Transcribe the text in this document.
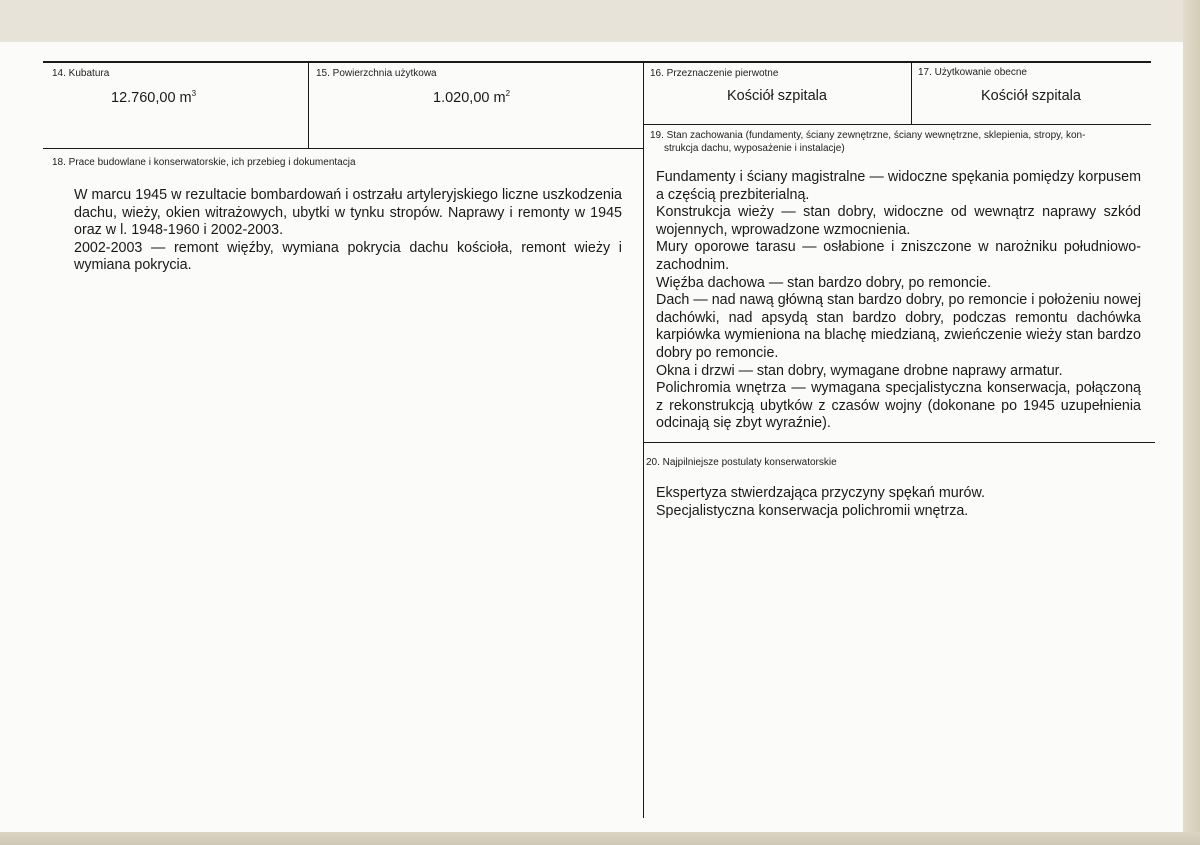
14. Kubatura
12.760,00 $m^3$
15. Powierzchnia użytkowa
1.020,00 $m^2$
16. Przeznaczenie pierwotne
Kościół szpitala
17. Użytkowanie obecne
Kościół szpitala
18. Prace budowlane i konserwatorskie, ich przebieg i dokumentacja

W marcu 1945 w rezultacie bombardowań i ostrzału artyleryjskiego liczne uszkodzenia dachu, wieży, okien witrażowych, ubytki w tynku stropów. Naprawy i remonty w 1945 oraz w l. 1948-1960 i 2002-2003.

2002-2003 — remont więźby, wymiana pokrycia dachu kościoła, remont wieży i wymiana pokrycia.

19. Stan zachowania (fundamenty, ściany zewnętrzne, ściany wewnętrzne, sklepienia, stropy, kon-
strukcja dachu, wyposażenie i instalacje)

Fundamenty i ściany magistralne — widoczne spękania pomiędzy korpusem a częścią prezbiterialną.

Konstrukcja wieży — stan dobry, widoczne od wewnątrz naprawy szkód wojennych, wprowadzone wzmocnienia.

Mury oporowe tarasu — osłabione i zniszczone w narożniku południowo-zachodnim.

Więźba dachowa — stan bardzo dobry, po remoncie.

Dach — nad nawą główną stan bardzo dobry, po remoncie i położeniu nowej dachówki, nad apsydą stan bardzo dobry, podczas remontu dachówka karpiówka wymieniona na blachę miedzianą, zwieńczenie wieży stan bardzo dobry po remoncie.

Okna i drzwi — stan dobry, wymagane drobne naprawy armatur.

Polichromia wnętrza — wymagana specjalistyczna konserwacja, połączoną z rekonstrukcją ubytków z czasów wojny (dokonane po 1945 uzupełnienia odcinają się zbyt wyraźnie).

20. Najpilniejsze postulaty konserwatorskie

Ekspertyza stwierdzająca przyczyny spękań murów.

Specjalistyczna konserwacja polichromii wnętrza.
